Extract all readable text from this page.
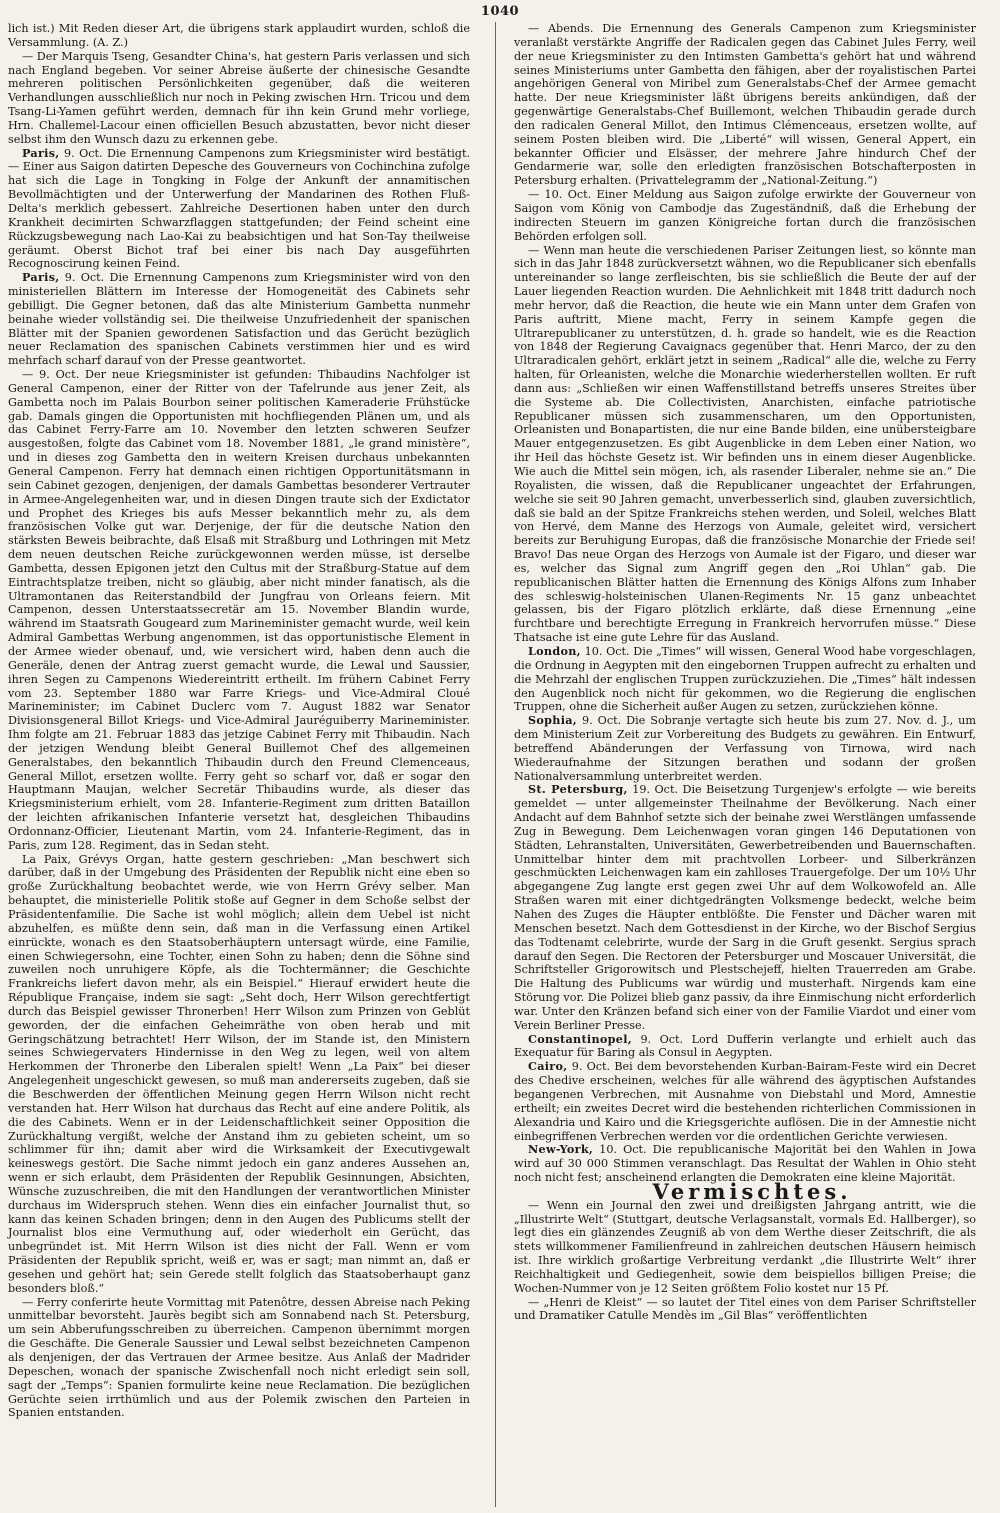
1040

lich ist.) Mit Reden dieser Art, die übrigens stark applaudirt wurden, schloß die Versammlung. (A. Z.)

— Der Marquis Tseng, Gesandter China's, hat gestern Paris verlassen und sich nach England begeben. Vor seiner Abreise äußerte der chinesische Gesandte mehreren politischen Persönlichkeiten gegenüber, daß die weiteren Verhandlungen ausschließlich nur noch in Peking zwischen Hrn. Tricou und dem Tsang-Li-Yamen geführt werden, demnach für ihn kein Grund mehr vorliege, Hrn. Challemel-Lacour einen officiellen Besuch abzustatten, bevor nicht dieser selbst ihm den Wunsch dazu zu erkennen gebe.

Paris, 9. Oct. Die Ernennung Campenons zum Kriegsminister wird bestätigt. — Einer aus Saigon datirten Depesche des Gouverneurs von Cochinchina zufolge hat sich die Lage in Tongking in Folge der Ankunft der annamitischen Bevollmächtigten und der Unterwerfung der Mandarinen des Rothen Fluß-Delta's merklich gebessert. Zahlreiche Desertionen haben unter den durch Krankheit decimirten Schwarzflaggen stattgefunden; der Feind scheint eine Rückzugsbewegung nach Lao-Kai zu beabsichtigen und hat Son-Tay theilweise geräumt. Oberst Bichot traf bei einer bis nach Day ausgeführten Recognoscirung keinen Feind.

Paris, 9. Oct. Die Ernennung Campenons zum Kriegsminister wird von den ministeriellen Blättern im Interesse der Homogeneität des Cabinets sehr gebilligt. Die Gegner betonen, daß das alte Ministerium Gambetta nunmehr beinahe wieder vollständig sei. Die theilweise Unzufriedenheit der spanischen Blätter mit der Spanien gewordenen Satisfaction und das Gerücht bezüglich neuer Reclamation des spanischen Cabinets verstimmen hier und es wird mehrfach scharf darauf von der Presse geantwortet.

— 9. Oct. Der neue Kriegsminister ist gefunden: Thibaudins Nachfolger ist General Campenon, einer der Ritter von der Tafelrunde aus jener Zeit, als Gambetta noch im Palais Bourbon seiner politischen Kameraderie Frühstücke gab. Damals gingen die Opportunisten mit hochfliegenden Plänen um, und als das Cabinet Ferry-Farre am 10. November den letzten schweren Seufzer ausgestoßen, folgte das Cabinet vom 18. November 1881, „le grand ministère“, und in dieses zog Gambetta den in weitern Kreisen durchaus unbekannten General Campenon. Ferry hat demnach einen richtigen Opportunitätsmann in sein Cabinet gezogen, denjenigen, der damals Gambettas besonderer Vertrauter in Armee-Angelegenheiten war, und in diesen Dingen traute sich der Exdictator und Prophet des Krieges bis aufs Messer bekanntlich mehr zu, als dem französischen Volke gut war. Derjenige, der für die deutsche Nation den stärksten Beweis beibrachte, daß Elsaß mit Straßburg und Lothringen mit Metz dem neuen deutschen Reiche zurückgewonnen werden müsse, ist derselbe Gambetta, dessen Epigonen jetzt den Cultus mit der Straßburg-Statue auf dem Eintrachtsplatze treiben, nicht so gläubig, aber nicht minder fanatisch, als die Ultramontanen das Reiterstandbild der Jungfrau von Orleans feiern. Mit Campenon, dessen Unterstaatssecretär am 15. November Blandin wurde, während im Staatsrath Gougeard zum Marineminister gemacht wurde, weil kein Admiral Gambettas Werbung angenommen, ist das opportunistische Element in der Armee wieder obenauf, und, wie versichert wird, haben denn auch die Generäle, denen der Antrag zuerst gemacht wurde, die Lewal und Saussier, ihren Segen zu Campenons Wiedereintritt ertheilt. Im frühern Cabinet Ferry vom 23. September 1880 war Farre Kriegs- und Vice-Admiral Cloué Marineminister; im Cabinet Duclerc vom 7. August 1882 war Senator Divisionsgeneral Billot Kriegs- und Vice-Admiral Jauréguiberry Marineminister. Ihm folgte am 21. Februar 1883 das jetzige Cabinet Ferry mit Thibaudin. Nach der jetzigen Wendung bleibt General Buillemot Chef des allgemeinen Generalstabes, den bekanntlich Thibaudin durch den Freund Clemenceaus, General Millot, ersetzen wollte. Ferry geht so scharf vor, daß er sogar den Hauptmann Maujan, welcher Secretär Thibaudins wurde, als dieser das Kriegsministerium erhielt, vom 28. Infanterie-Regiment zum dritten Bataillon der leichten afrikanischen Infanterie versetzt hat, desgleichen Thibaudins Ordonnanz-Officier, Lieutenant Martin, vom 24. Infanterie-Regiment, das in Paris, zum 128. Regiment, das in Sedan steht.

La Paix, Grévys Organ, hatte gestern geschrieben: „Man beschwert sich darüber, daß in der Umgebung des Präsidenten der Republik nicht eine eben so große Zurückhaltung beobachtet werde, wie von Herrn Grévy selber. Man behauptet, die ministerielle Politik stoße auf Gegner in dem Schoße selbst der Präsidentenfamilie. Die Sache ist wohl möglich; allein dem Uebel ist nicht abzuhelfen, es müßte denn sein, daß man in die Verfassung einen Artikel einrückte, wonach es den Staatsoberhäuptern untersagt würde, eine Familie, einen Schwiegersohn, eine Tochter, einen Sohn zu haben; denn die Söhne sind zuweilen noch unruhigere Köpfe, als die Tochtermänner; die Geschichte Frankreichs liefert davon mehr, als ein Beispiel.“ Hierauf erwidert heute die République Française, indem sie sagt: „Seht doch, Herr Wilson gerechtfertigt durch das Beispiel gewisser Thronerben! Herr Wilson zum Prinzen von Geblüt geworden, der die einfachen Geheimräthe von oben herab und mit Geringschätzung betrachtet! Herr Wilson, der im Stande ist, den Ministern seines Schwiegervaters Hindernisse in den Weg zu legen, weil von altem Herkommen der Thronerbe den Liberalen spielt! Wenn „La Paix“ bei dieser Angelegenheit ungeschickt gewesen, so muß man andererseits zugeben, daß sie die Beschwerden der öffentlichen Meinung gegen Herrn Wilson nicht recht verstanden hat. Herr Wilson hat durchaus das Recht auf eine andere Politik, als die des Cabinets. Wenn er in der Leidenschaftlichkeit seiner Opposition die Zurückhaltung vergißt, welche der Anstand ihm zu gebieten scheint, um so schlimmer für ihn; damit aber wird die Wirksamkeit der Executivgewalt keineswegs gestört. Die Sache nimmt jedoch ein ganz anderes Aussehen an, wenn er sich erlaubt, dem Präsidenten der Republik Gesinnungen, Absichten, Wünsche zuzuschreiben, die mit den Handlungen der verantwortlichen Minister durchaus im Widerspruch stehen. Wenn dies ein einfacher Journalist thut, so kann das keinen Schaden bringen; denn in den Augen des Publicums stellt der Journalist blos eine Vermuthung auf, oder wiederholt ein Gerücht, das unbegründet ist. Mit Herrn Wilson ist dies nicht der Fall. Wenn er vom Präsidenten der Republik spricht, weiß er, was er sagt; man nimmt an, daß er gesehen und gehört hat; sein Gerede stellt folglich das Staatsoberhaupt ganz besonders bloß.“

— Ferry conferirte heute Vormittag mit Patenôtre, dessen Abreise nach Peking unmittelbar bevorsteht. Jaurès begibt sich am Sonnabend nach St. Petersburg, um sein Abberufungsschreiben zu überreichen. Campenon übernimmt morgen die Geschäfte. Die Generale Saussier und Lewal selbst bezeichneten Campenon als denjenigen, der das Vertrauen der Armee besitze. Aus Anlaß der Madrider Depeschen, wonach der spanische Zwischenfall noch nicht erledigt sein soll, sagt der „Temps“: Spanien formulirte keine neue Reclamation. Die bezüglichen Gerüchte seien irrthümlich und aus der Polemik zwischen den Parteien in Spanien entstanden.

— Abends. Die Ernennung des Generals Campenon zum Kriegsminister veranlaßt verstärkte Angriffe der Radicalen gegen das Cabinet Jules Ferry, weil der neue Kriegsminister zu den Intimsten Gambetta's gehört hat und während seines Ministeriums unter Gambetta den fähigen, aber der royalistischen Partei angehörigen General von Miribel zum Generalstabs-Chef der Armee gemacht hatte. Der neue Kriegsminister läßt übrigens bereits ankündigen, daß der gegenwärtige Generalstabs-Chef Buillemont, welchen Thibaudin gerade durch den radicalen General Millot, den Intimus Clémenceaus, ersetzen wollte, auf seinem Posten bleiben wird. Die „Liberté“ will wissen, General Appert, ein bekannter Officier und Elsässer, der mehrere Jahre hindurch Chef der Gendarmerie war, solle den erledigten französischen Botschafterposten in Petersburg erhalten. (Privattelegramm der „National-Zeitung.“)

— 10. Oct. Einer Meldung aus Saigon zufolge erwirkte der Gouverneur von Saigon vom König von Cambodje das Zugeständniß, daß die Erhebung der indirecten Steuern im ganzen Königreiche fortan durch die französischen Behörden erfolgen soll.

— Wenn man heute die verschiedenen Pariser Zeitungen liest, so könnte man sich in das Jahr 1848 zurückversetzt wähnen, wo die Republicaner sich ebenfalls untereinander so lange zerfleischten, bis sie schließlich die Beute der auf der Lauer liegenden Reaction wurden. Die Aehnlichkeit mit 1848 tritt dadurch noch mehr hervor, daß die Reaction, die heute wie ein Mann unter dem Grafen von Paris auftritt, Miene macht, Ferry in seinem Kampfe gegen die Ultrarepublicaner zu unterstützen, d. h. grade so handelt, wie es die Reaction von 1848 der Regierung Cavaignacs gegenüber that. Henri Marco, der zu den Ultraradicalen gehört, erklärt jetzt in seinem „Radical“ alle die, welche zu Ferry halten, für Orleanisten, welche die Monarchie wiederherstellen wollten. Er ruft dann aus: „Schließen wir einen Waffenstillstand betreffs unseres Streites über die Systeme ab. Die Collectivisten, Anarchisten, einfache patriotische Republicaner müssen sich zusammenscharen, um den Opportunisten, Orleanisten und Bonapartisten, die nur eine Bande bilden, eine unübersteigbare Mauer entgegenzusetzen. Es gibt Augenblicke in dem Leben einer Nation, wo ihr Heil das höchste Gesetz ist. Wir befinden uns in einem dieser Augenblicke. Wie auch die Mittel sein mögen, ich, als rasender Liberaler, nehme sie an.“ Die Royalisten, die wissen, daß die Republicaner ungeachtet der Erfahrungen, welche sie seit 90 Jahren gemacht, unverbesserlich sind, glauben zuversichtlich, daß sie bald an der Spitze Frankreichs stehen werden, und Soleil, welches Blatt von Hervé, dem Manne des Herzogs von Aumale, geleitet wird, versichert bereits zur Beruhigung Europas, daß die französische Monarchie der Friede sei! Bravo! Das neue Organ des Herzogs von Aumale ist der Figaro, und dieser war es, welcher das Signal zum Angriff gegen den „Roi Uhlan“ gab. Die republicanischen Blätter hatten die Ernennung des Königs Alfons zum Inhaber des schleswig-holsteinischen Ulanen-Regiments Nr. 15 ganz unbeachtet gelassen, bis der Figaro plötzlich erklärte, daß diese Ernennung „eine furchtbare und berechtigte Erregung in Frankreich hervorrufen müsse.“ Diese Thatsache ist eine gute Lehre für das Ausland.

London, 10. Oct. Die „Times“ will wissen, General Wood habe vorgeschlagen, die Ordnung in Aegypten mit den eingebornen Truppen aufrecht zu erhalten und die Mehrzahl der englischen Truppen zurückzuziehen. Die „Times“ hält indessen den Augenblick noch nicht für gekommen, wo die Regierung die englischen Truppen, ohne die Sicherheit außer Augen zu setzen, zurückziehen könne.

Sophia, 9. Oct. Die Sobranje vertagte sich heute bis zum 27. Nov. d. J., um dem Ministerium Zeit zur Vorbereitung des Budgets zu gewähren. Ein Entwurf, betreffend Abänderungen der Verfassung von Tirnowa, wird nach Wiederaufnahme der Sitzungen berathen und sodann der großen Nationalversammlung unterbreitet werden.

St. Petersburg, 19. Oct. Die Beisetzung Turgenjew's erfolgte — wie bereits gemeldet — unter allgemeinster Theilnahme der Bevölkerung. Nach einer Andacht auf dem Bahnhof setzte sich der beinahe zwei Werstlängen umfassende Zug in Bewegung. Dem Leichenwagen voran gingen 146 Deputationen von Städten, Lehranstalten, Universitäten, Gewerbetreibenden und Bauernschaften. Unmittelbar hinter dem mit prachtvollen Lorbeer- und Silberkränzen geschmückten Leichenwagen kam ein zahlloses Trauergefolge. Der um 10½ Uhr abgegangene Zug langte erst gegen zwei Uhr auf dem Wolkowofeld an. Alle Straßen waren mit einer dichtgedrängten Volksmenge bedeckt, welche beim Nahen des Zuges die Häupter entblößte. Die Fenster und Dächer waren mit Menschen besetzt. Nach dem Gottesdienst in der Kirche, wo der Bischof Sergius das Todtenamt celebrirte, wurde der Sarg in die Gruft gesenkt. Sergius sprach darauf den Segen. Die Rectoren der Petersburger und Moscauer Universität, die Schriftsteller Grigorowitsch und Plestschejeff, hielten Trauerreden am Grabe. Die Haltung des Publicums war würdig und musterhaft. Nirgends kam eine Störung vor. Die Polizei blieb ganz passiv, da ihre Einmischung nicht erforderlich war. Unter den Kränzen befand sich einer von der Familie Viardot und einer vom Verein Berliner Presse.

Constantinopel, 9. Oct. Lord Dufferin verlangte und erhielt auch das Exequatur für Baring als Consul in Aegypten.

Cairo, 9. Oct. Bei dem bevorstehenden Kurban-Bairam-Feste wird ein Decret des Chedive erscheinen, welches für alle während des ägyptischen Aufstandes begangenen Verbrechen, mit Ausnahme von Diebstahl und Mord, Amnestie ertheilt; ein zweites Decret wird die bestehenden richterlichen Commissionen in Alexandria und Kairo und die Kriegsgerichte auflösen. Die in der Amnestie nicht einbegriffenen Verbrechen werden vor die ordentlichen Gerichte verwiesen.

New-York, 10. Oct. Die republicanische Majorität bei den Wahlen in Jowa wird auf 30 000 Stimmen veranschlagt. Das Resultat der Wahlen in Ohio steht noch nicht fest; anscheinend erlangten die Demokraten eine kleine Majorität.

Vermischtes.

— Wenn ein Journal den zwei und dreißigsten Jahrgang antritt, wie die „Illustrirte Welt“ (Stuttgart, deutsche Verlagsanstalt, vormals Ed. Hallberger), so legt dies ein glänzendes Zeugniß ab von dem Werthe dieser Zeitschrift, die als stets willkommener Familienfreund in zahlreichen deutschen Häusern heimisch ist. Ihre wirklich großartige Verbreitung verdankt „die Illustrirte Welt“ ihrer Reichhaltigkeit und Gediegenheit, sowie dem beispiellos billigen Preise; die Wochen-Nummer von je 12 Seiten größtem Folio kostet nur 15 Pf.

— „Henri de Kleist“ — so lautet der Titel eines von dem Pariser Schriftsteller und Dramatiker Catulle Mendès im „Gil Blas“ veröffentlichten
